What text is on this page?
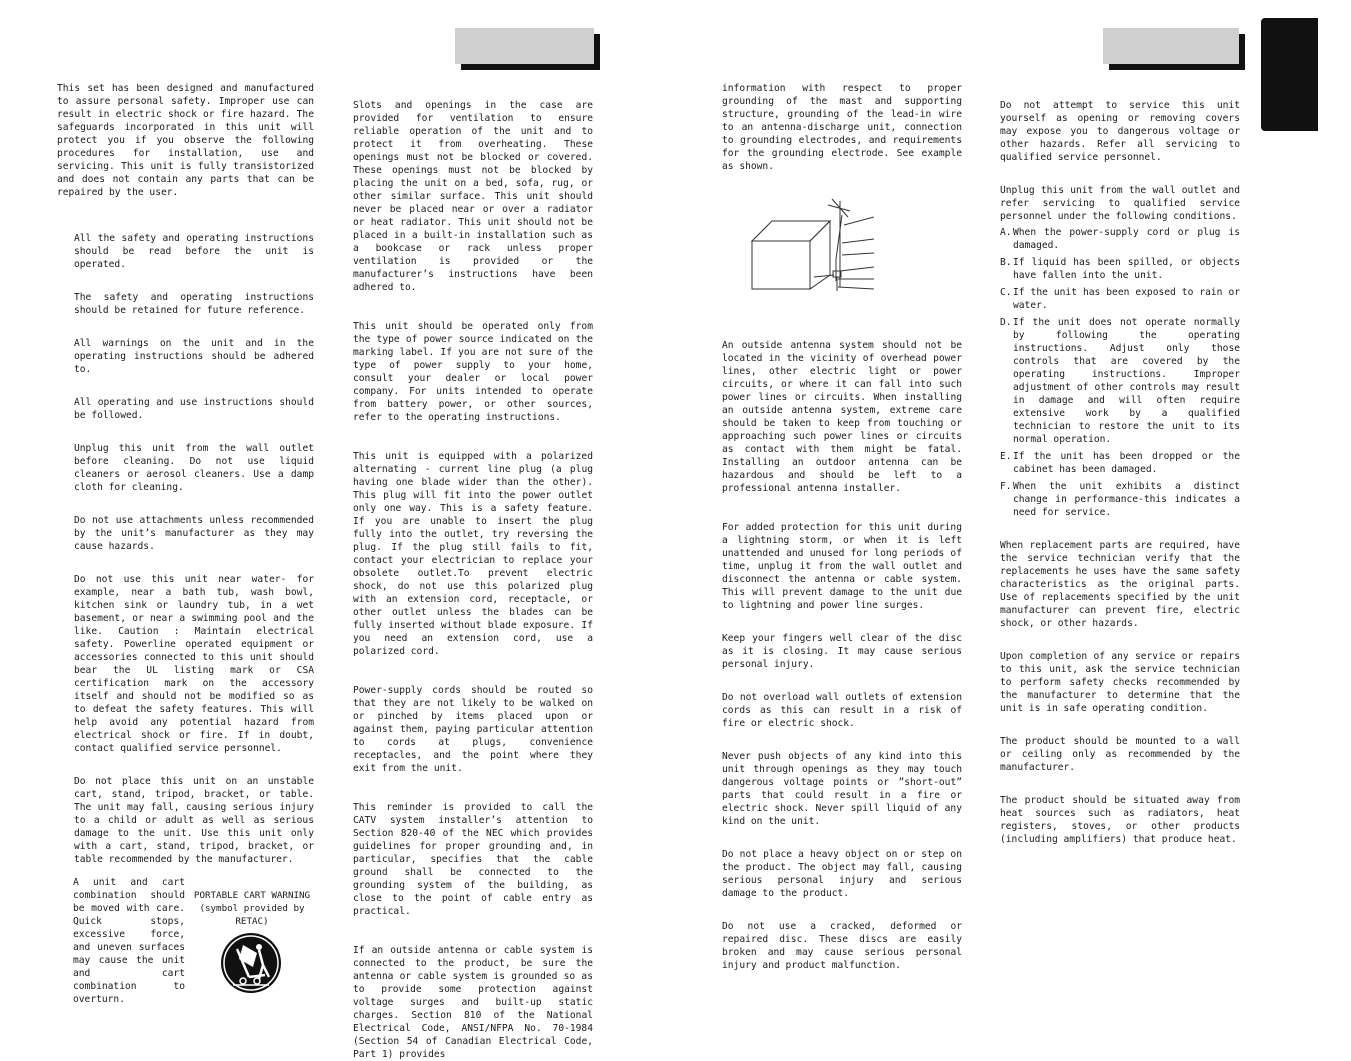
This set has been designed and manufactured to assure personal safety. Improper use can result in electric shock or fire hazard. The safeguards incorporated in this unit will protect you if you observe the following procedures for installation, use and servicing. This unit is fully transistorized and does not contain any parts that can be repaired by the user.

All the safety and operating instructions should be read before the unit is operated.

The safety and operating instructions should be retained for future reference.

All warnings on the unit and in the operating instructions should be adhered to.

All operating and use instructions should be followed.

Unplug this unit from the wall outlet before cleaning. Do not use liquid cleaners or aerosol cleaners. Use a damp cloth for cleaning.

Do not use attachments unless recommended by the unit’s manufacturer as they may cause hazards.

Do not use this unit near water- for example, near a bath tub, wash bowl, kitchen sink or laundry tub, in a wet basement, or near a swimming pool and the like. Caution : Maintain electrical safety. Powerline operated equipment or accessories connected to this unit should bear the UL listing mark or CSA certification mark on the accessory itself and should not be modified so as to defeat the safety features. This will help avoid any potential hazard from electrical shock or fire. If in doubt, contact qualified service personnel.

Do not place this unit on an unstable cart, stand, tripod, bracket, or table. The unit may fall, causing serious injury to a child or adult as well as serious damage to the unit. Use this unit only with a cart, stand, tripod, bracket, or table recommended by the manufacturer.

A unit and cart combination should be moved with care. Quick stops, excessive force, and uneven surfaces may cause the unit and cart combination to overturn.

PORTABLE CART WARNING
(symbol provided by RETAC)

Slots and openings in the case are provided for ventilation to ensure reliable operation of the unit and to protect it from overheating. These openings must not be blocked or covered. These openings must not be blocked by placing the unit on a bed, sofa, rug, or other similar surface. This unit should never be placed near or over a radiator or heat radiator. This unit should not be placed in a built-in installation such as a bookcase or rack unless proper ventilation is provided or the manufacturer’s instructions have been adhered to.

This unit should be operated only from the type of power source indicated on the marking label. If you are not sure of the type of power supply to your home, consult your dealer or local power company. For units intended to operate from battery power, or other sources, refer to the operating instructions.

This unit is equipped with a polarized alternating - current line plug (a plug having one blade wider than the other). This plug will fit into the power outlet only one way. This is a safety feature. If you are unable to insert the plug fully into the outlet, try reversing the plug. If the plug still fails to fit, contact your electrician to replace your obsolete outlet.To prevent electric shock, do not use this polarized plug with an extension cord, receptacle, or other outlet unless the blades can be fully inserted without blade exposure. If you need an extension cord, use a polarized cord.

Power-supply cords should be routed so that they are not likely to be walked on or pinched by items placed upon or against them, paying particular attention to cords at plugs, convenience receptacles, and the point where they exit from the unit.

This reminder is provided to call the CATV system installer’s attention to Section 820-40 of the NEC which provides guidelines for proper grounding and, in particular, specifies that the cable ground shall be connected to the grounding system of the building, as close to the point of cable entry as practical.

If an outside antenna or cable system is connected to the product, be sure the antenna or cable system is grounded so as to provide some protection against voltage surges and built-up static charges. Section 810 of the National Electrical Code, ANSI/NFPA No. 70-1984 (Section 54 of Canadian Electrical Code, Part 1) provides

information with respect to proper grounding of the mast and supporting structure, grounding of the lead-in wire to an antenna-discharge unit, connection to grounding electrodes, and requirements for the grounding electrode. See example as shown.

An outside antenna system should not be located in the vicinity of overhead power lines, other electric light or power circuits, or where it can fall into such power lines or circuits. When installing an outside antenna system, extreme care should be taken to keep from touching or approaching such power lines or circuits as contact with them might be fatal. Installing an outdoor antenna can be hazardous and should be left to a professional antenna installer.

For added protection for this unit during a lightning storm, or when it is left unattended and unused for long periods of time, unplug it from the wall outlet and disconnect the antenna or cable system. This will prevent damage to the unit due to lightning and power line surges.

Keep your fingers well clear of the disc as it is closing. It may cause serious personal injury.

Do not overload wall outlets of extension cords as this can result in a risk of fire or electric shock.

Never push objects of any kind into this unit through openings as they may touch dangerous voltage points or ”short-out” parts that could result in a fire or electric shock. Never spill liquid of any kind on the unit.

Do not place a heavy object on or step on the product. The object may fall, causing serious personal injury and serious damage to the product.

Do not use a cracked, deformed or repaired disc. These discs are easily broken and may cause serious personal injury and product malfunction.

Do not attempt to service this unit yourself as opening or removing covers may expose you to dangerous voltage or other hazards. Refer all servicing to qualified service personnel.

Unplug this unit from the wall outlet and refer servicing to qualified service personnel under the following conditions.

A. When the power-supply cord or plug is damaged.
B. If liquid has been spilled, or objects have fallen into the unit.
C. If the unit has been exposed to rain or water.
D. If the unit does not operate normally by following the operating instructions. Adjust only those controls that are covered by the operating instructions. Improper adjustment of other controls may result in damage and will often require extensive work by a qualified technician to restore the unit to its normal operation.
E. If the unit has been dropped or the cabinet has been damaged.
F. When the unit exhibits a distinct change in performance-this indicates a need for service.

When replacement parts are required, have the service technician verify that the replacements he uses have the same safety characteristics as the original parts. Use of replacements specified by the unit manufacturer can prevent fire, electric shock, or other hazards.

Upon completion of any service or repairs to this unit, ask the service technician to perform safety checks recommended by the manufacturer to determine that the unit is in safe operating condition.

The product should be mounted to a wall or ceiling only as recommended by the manufacturer.

The product should be situated away from heat sources such as radiators, heat registers, stoves, or other products (including amplifiers) that produce heat.
